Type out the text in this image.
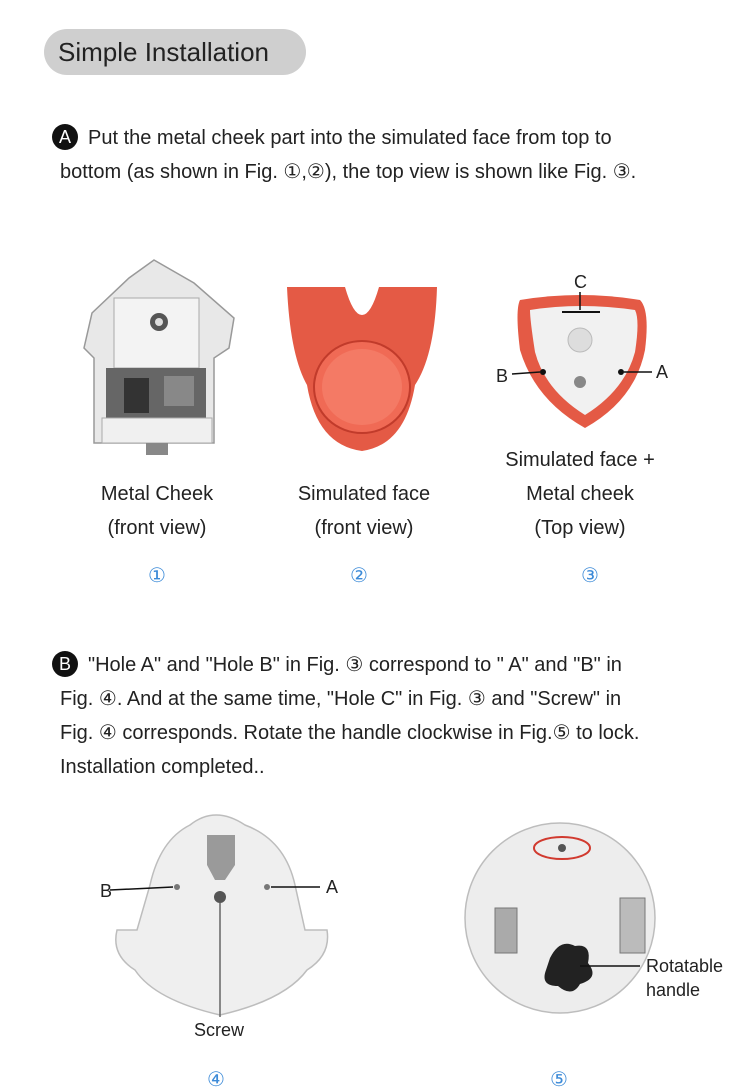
Simple Installation
A Put the metal cheek part into the simulated face from top to
bottom (as shown in Fig. ①,②), the top view is shown like Fig. ③.
C
B	A
Metal Cheek
(front view)
Simulated face
(front view)
Simulated face +
Metal cheek
(Top view)
①	②	③
B "Hole A" and "Hole B" in Fig. ③ correspond to " A" and "B" in
Fig. ④. And at the same time, "Hole C" in Fig. ③ and "Screw" in
Fig. ④ corresponds. Rotate the handle clockwise in Fig.⑤ to lock.
Installation completed..
B	A
Screw
Rotatable
handle
④	⑤
